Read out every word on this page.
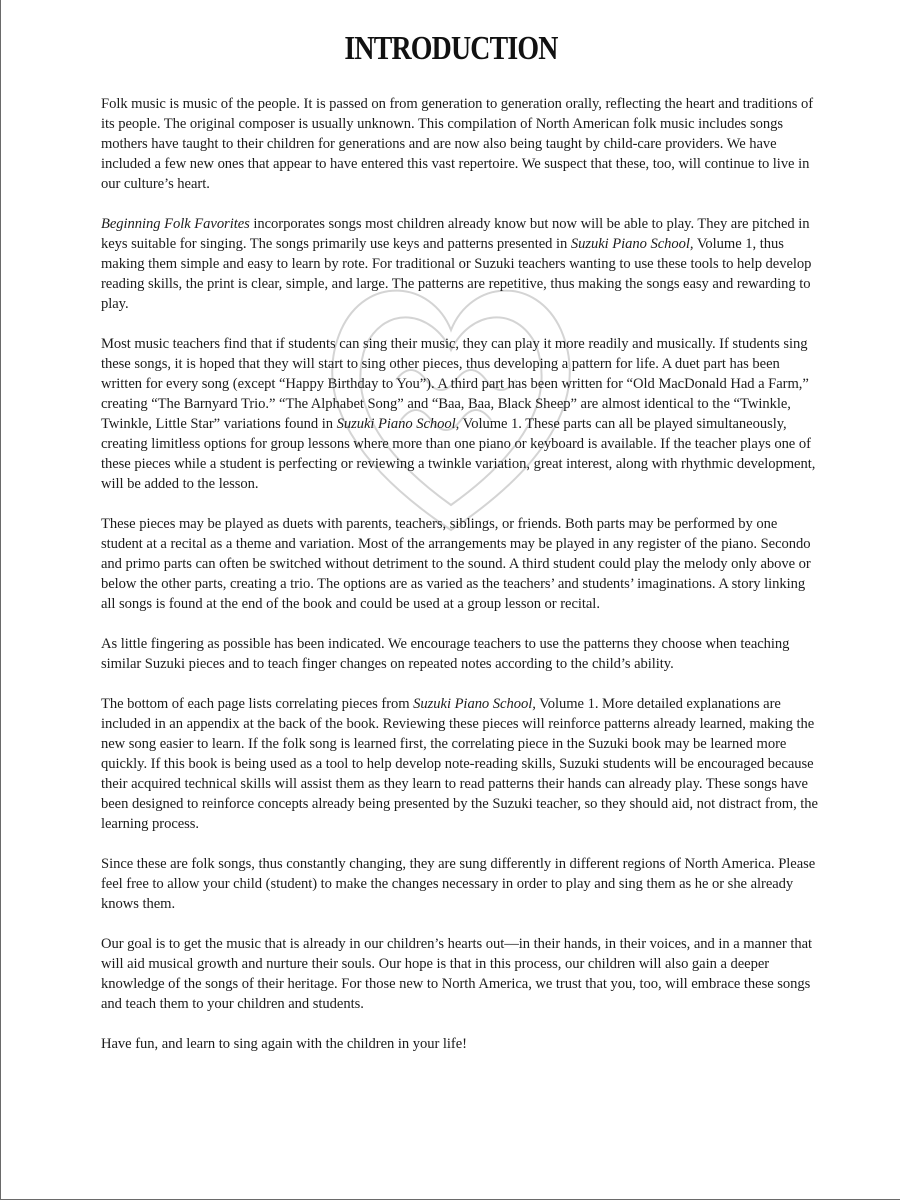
INTRODUCTION

Folk music is music of the people. It is passed on from generation to generation orally, reflecting the heart and traditions of its people. The original composer is usually unknown. This compilation of North American folk music includes songs mothers have taught to their children for generations and are now also being taught by child-care providers. We have included a few new ones that appear to have entered this vast repertoire. We suspect that these, too, will continue to live in our culture’s heart.

Beginning Folk Favorites incorporates songs most children already know but now will be able to play. They are pitched in keys suitable for singing. The songs primarily use keys and patterns presented in Suzuki Piano School, Volume 1, thus making them simple and easy to learn by rote. For traditional or Suzuki teachers wanting to use these tools to help develop reading skills, the print is clear, simple, and large. The patterns are repetitive, thus making the songs easy and rewarding to play.

Most music teachers find that if students can sing their music, they can play it more readily and musically. If students sing these songs, it is hoped that they will start to sing other pieces, thus developing a pattern for life. A duet part has been written for every song (except “Happy Birthday to You”). A third part has been written for “Old MacDonald Had a Farm,” creating “The Barnyard Trio.” “The Alphabet Song” and “Baa, Baa, Black Sheep” are almost identical to the “Twinkle, Twinkle, Little Star” variations found in Suzuki Piano School, Volume 1. These parts can all be played simultaneously, creating limitless options for group lessons where more than one piano or keyboard is available. If the teacher plays one of these pieces while a student is perfecting or reviewing a twinkle variation, great interest, along with rhythmic development, will be added to the lesson.

These pieces may be played as duets with parents, teachers, siblings, or friends. Both parts may be performed by one student at a recital as a theme and variation. Most of the arrangements may be played in any register of the piano. Secondo and primo parts can often be switched without detriment to the sound. A third student could play the melody only above or below the other parts, creating a trio. The options are as varied as the teachers’ and students’ imaginations. A story linking all songs is found at the end of the book and could be used at a group lesson or recital.

As little fingering as possible has been indicated. We encourage teachers to use the patterns they choose when teaching similar Suzuki pieces and to teach finger changes on repeated notes according to the child’s ability.

The bottom of each page lists correlating pieces from Suzuki Piano School, Volume 1. More detailed explanations are included in an appendix at the back of the book. Reviewing these pieces will reinforce patterns already learned, making the new song easier to learn. If the folk song is learned first, the correlating piece in the Suzuki book may be learned more quickly. If this book is being used as a tool to help develop note-reading skills, Suzuki students will be encouraged because their acquired technical skills will assist them as they learn to read patterns their hands can already play. These songs have been designed to reinforce concepts already being presented by the Suzuki teacher, so they should aid, not distract from, the learning process.

Since these are folk songs, thus constantly changing, they are sung differently in different regions of North America. Please feel free to allow your child (student) to make the changes necessary in order to play and sing them as he or she already knows them.

Our goal is to get the music that is already in our children’s hearts out—in their hands, in their voices, and in a manner that will aid musical growth and nurture their souls. Our hope is that in this process, our children will also gain a deeper knowledge of the songs of their heritage. For those new to North America, we trust that you, too, will embrace these songs and teach them to your children and students.

Have fun, and learn to sing again with the children in your life!
